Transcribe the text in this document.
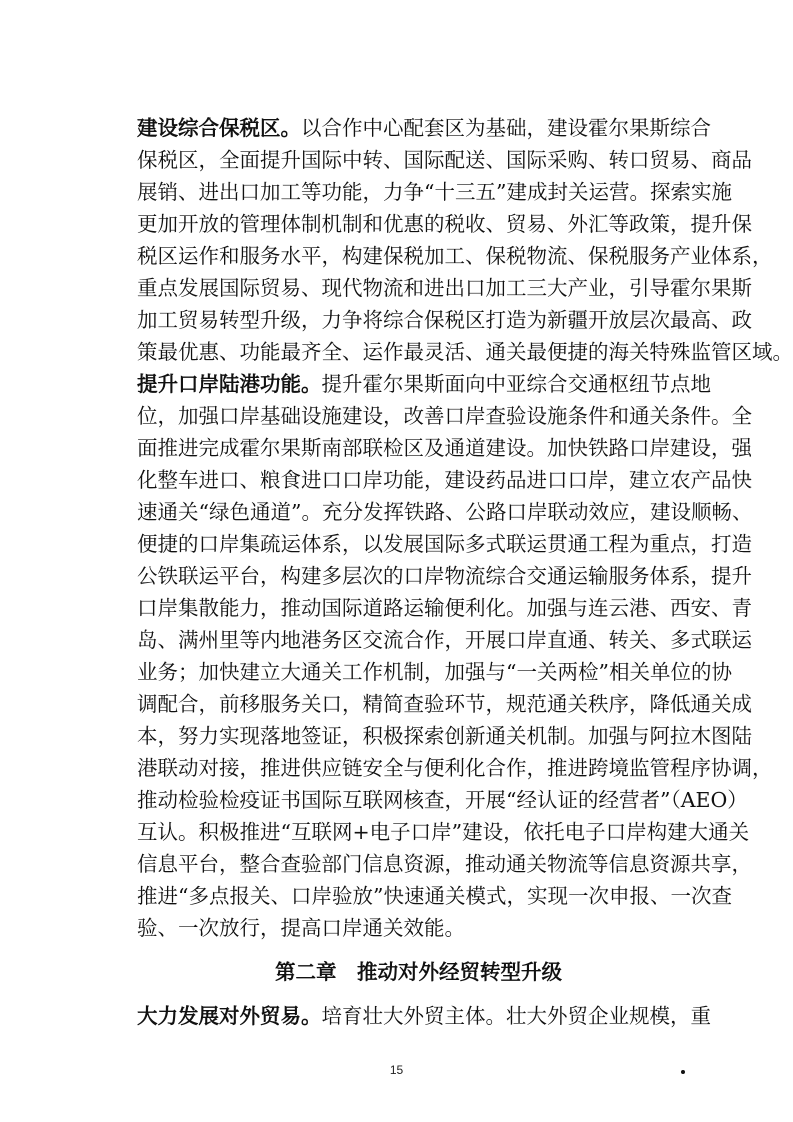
建设综合保税区。以合作中心配套区为基础，建设霍尔果斯综合
保税区，全面提升国际中转、国际配送、国际采购、转口贸易、商品
展销、进出口加工等功能，力争“十三五”建成封关运营。探索实施
更加开放的管理体制机制和优惠的税收、贸易、外汇等政策，提升保
税区运作和服务水平，构建保税加工、保税物流、保税服务产业体系，
重点发展国际贸易、现代物流和进出口加工三大产业，引导霍尔果斯
加工贸易转型升级，力争将综合保税区打造为新疆开放层次最高、政
策最优惠、功能最齐全、运作最灵活、通关最便捷的海关特殊监管区域。
提升口岸陆港功能。提升霍尔果斯面向中亚综合交通枢纽节点地
位，加强口岸基础设施建设，改善口岸查验设施条件和通关条件。全
面推进完成霍尔果斯南部联检区及通道建设。加快铁路口岸建设，强
化整车进口、粮食进口口岸功能，建设药品进口口岸，建立农产品快
速通关“绿色通道”。充分发挥铁路、公路口岸联动效应，建设顺畅、
便捷的口岸集疏运体系，以发展国际多式联运贯通工程为重点，打造
公铁联运平台，构建多层次的口岸物流综合交通运输服务体系，提升
口岸集散能力，推动国际道路运输便利化。加强与连云港、西安、青
岛、满州里等内地港务区交流合作，开展口岸直通、转关、多式联运
业务；加快建立大通关工作机制，加强与“一关两检”相关单位的协
调配合，前移服务关口，精简查验环节，规范通关秩序，降低通关成
本，努力实现落地签证，积极探索创新通关机制。加强与阿拉木图陆
港联动对接，推进供应链安全与便利化合作，推进跨境监管程序协调，
推动检验检疫证书国际互联网核查，开展“经认证的经营者”（AEO）
互认。积极推进“互联网+电子口岸”建设，依托电子口岸构建大通关
信息平台，整合查验部门信息资源，推动通关物流等信息资源共享，
推进“多点报关、口岸验放”快速通关模式，实现一次申报、一次查
验、一次放行，提高口岸通关效能。
第二章　推动对外经贸转型升级
大力发展对外贸易。培育壮大外贸主体。壮大外贸企业规模，重
15
